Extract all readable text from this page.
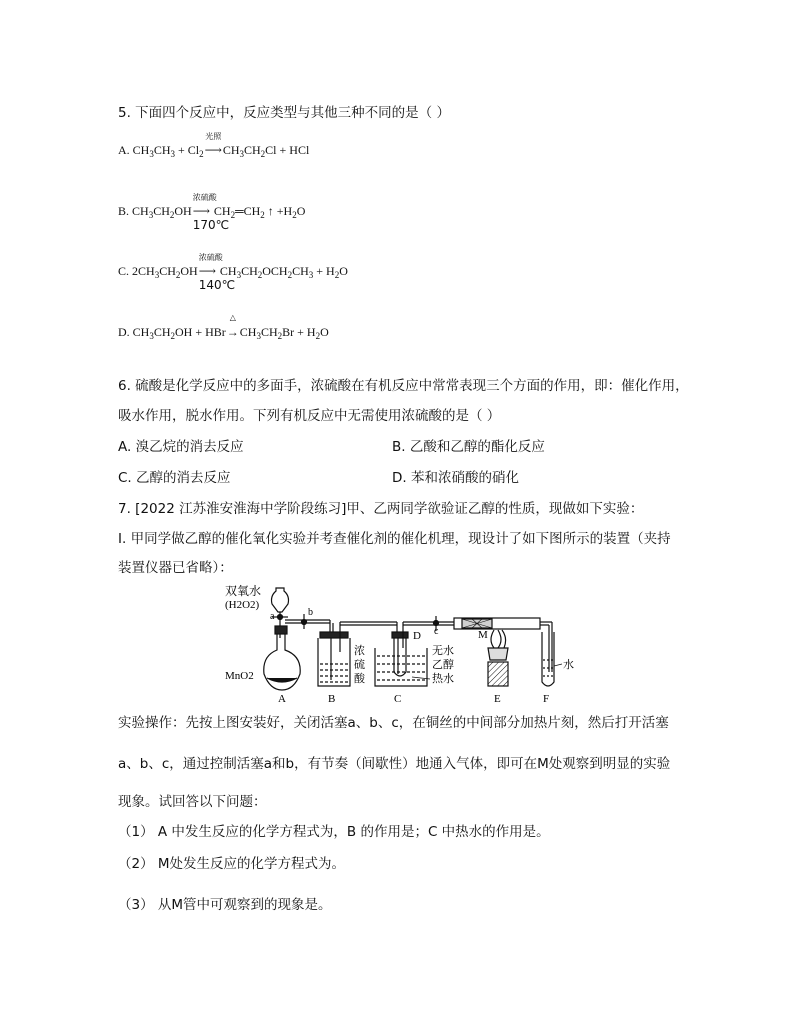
5. 下面四个反应中，反应类型与其他三种不同的是（ ）
A. $CH_3CH_3 + Cl_2$
光照
$⟶CH_3CH_2Cl$ + HCl
B. $CH_3CH_2OH$
浓硫酸
⟶
170℃
$CH_2═CH_2$ ↑ $+H_2O$
C. $2CH_3CH_2OH$
浓硫酸
⟶
140℃
$CH_3CH_2OCH_2CH_3 + H_2O$
D. $CH_3CH_2OH$ + HBr
△
$\to CH_3CH_2Br + H_2O$
6. 硫酸是化学反应中的多面手，浓硫酸在有机反应中常常表现三个方面的作用，即：催化作用，
吸水作用，脱水作用。下列有机反应中无需使用浓硫酸的是（ ）
A. 溴乙烷的消去反应	B. 乙酸和乙醇的酯化反应
C. 乙醇的消去反应	D. 苯和浓硝酸的硝化
7. [2022 江苏淮安淮海中学阶段练习]甲、乙两同学欲验证乙醇的性质，现做如下实验：
Ⅰ. 甲同学做乙醇的催化氧化实验并考查催化剂的催化机理，现设计了如下图所示的装置（夹持
装置仪器已省略）：
双氧水
(H2O2)
a
MnO2
A
b
浓
硫
酸
B
D
无水
乙醇
热水
C
c	M
E
水
F
实验操作：先按上图安装好，关闭活塞a、b、c，在铜丝的中间部分加热片刻，然后打开活塞
a、b、c，通过控制活塞a和b，有节奏（间歇性）地通入气体，即可在M处观察到明显的实验
现象。试回答以下问题：
（1） A 中发生反应的化学方程式为，B 的作用是；C 中热水的作用是。
（2） M处发生反应的化学方程式为。
（3） 从M管中可观察到的现象是。
